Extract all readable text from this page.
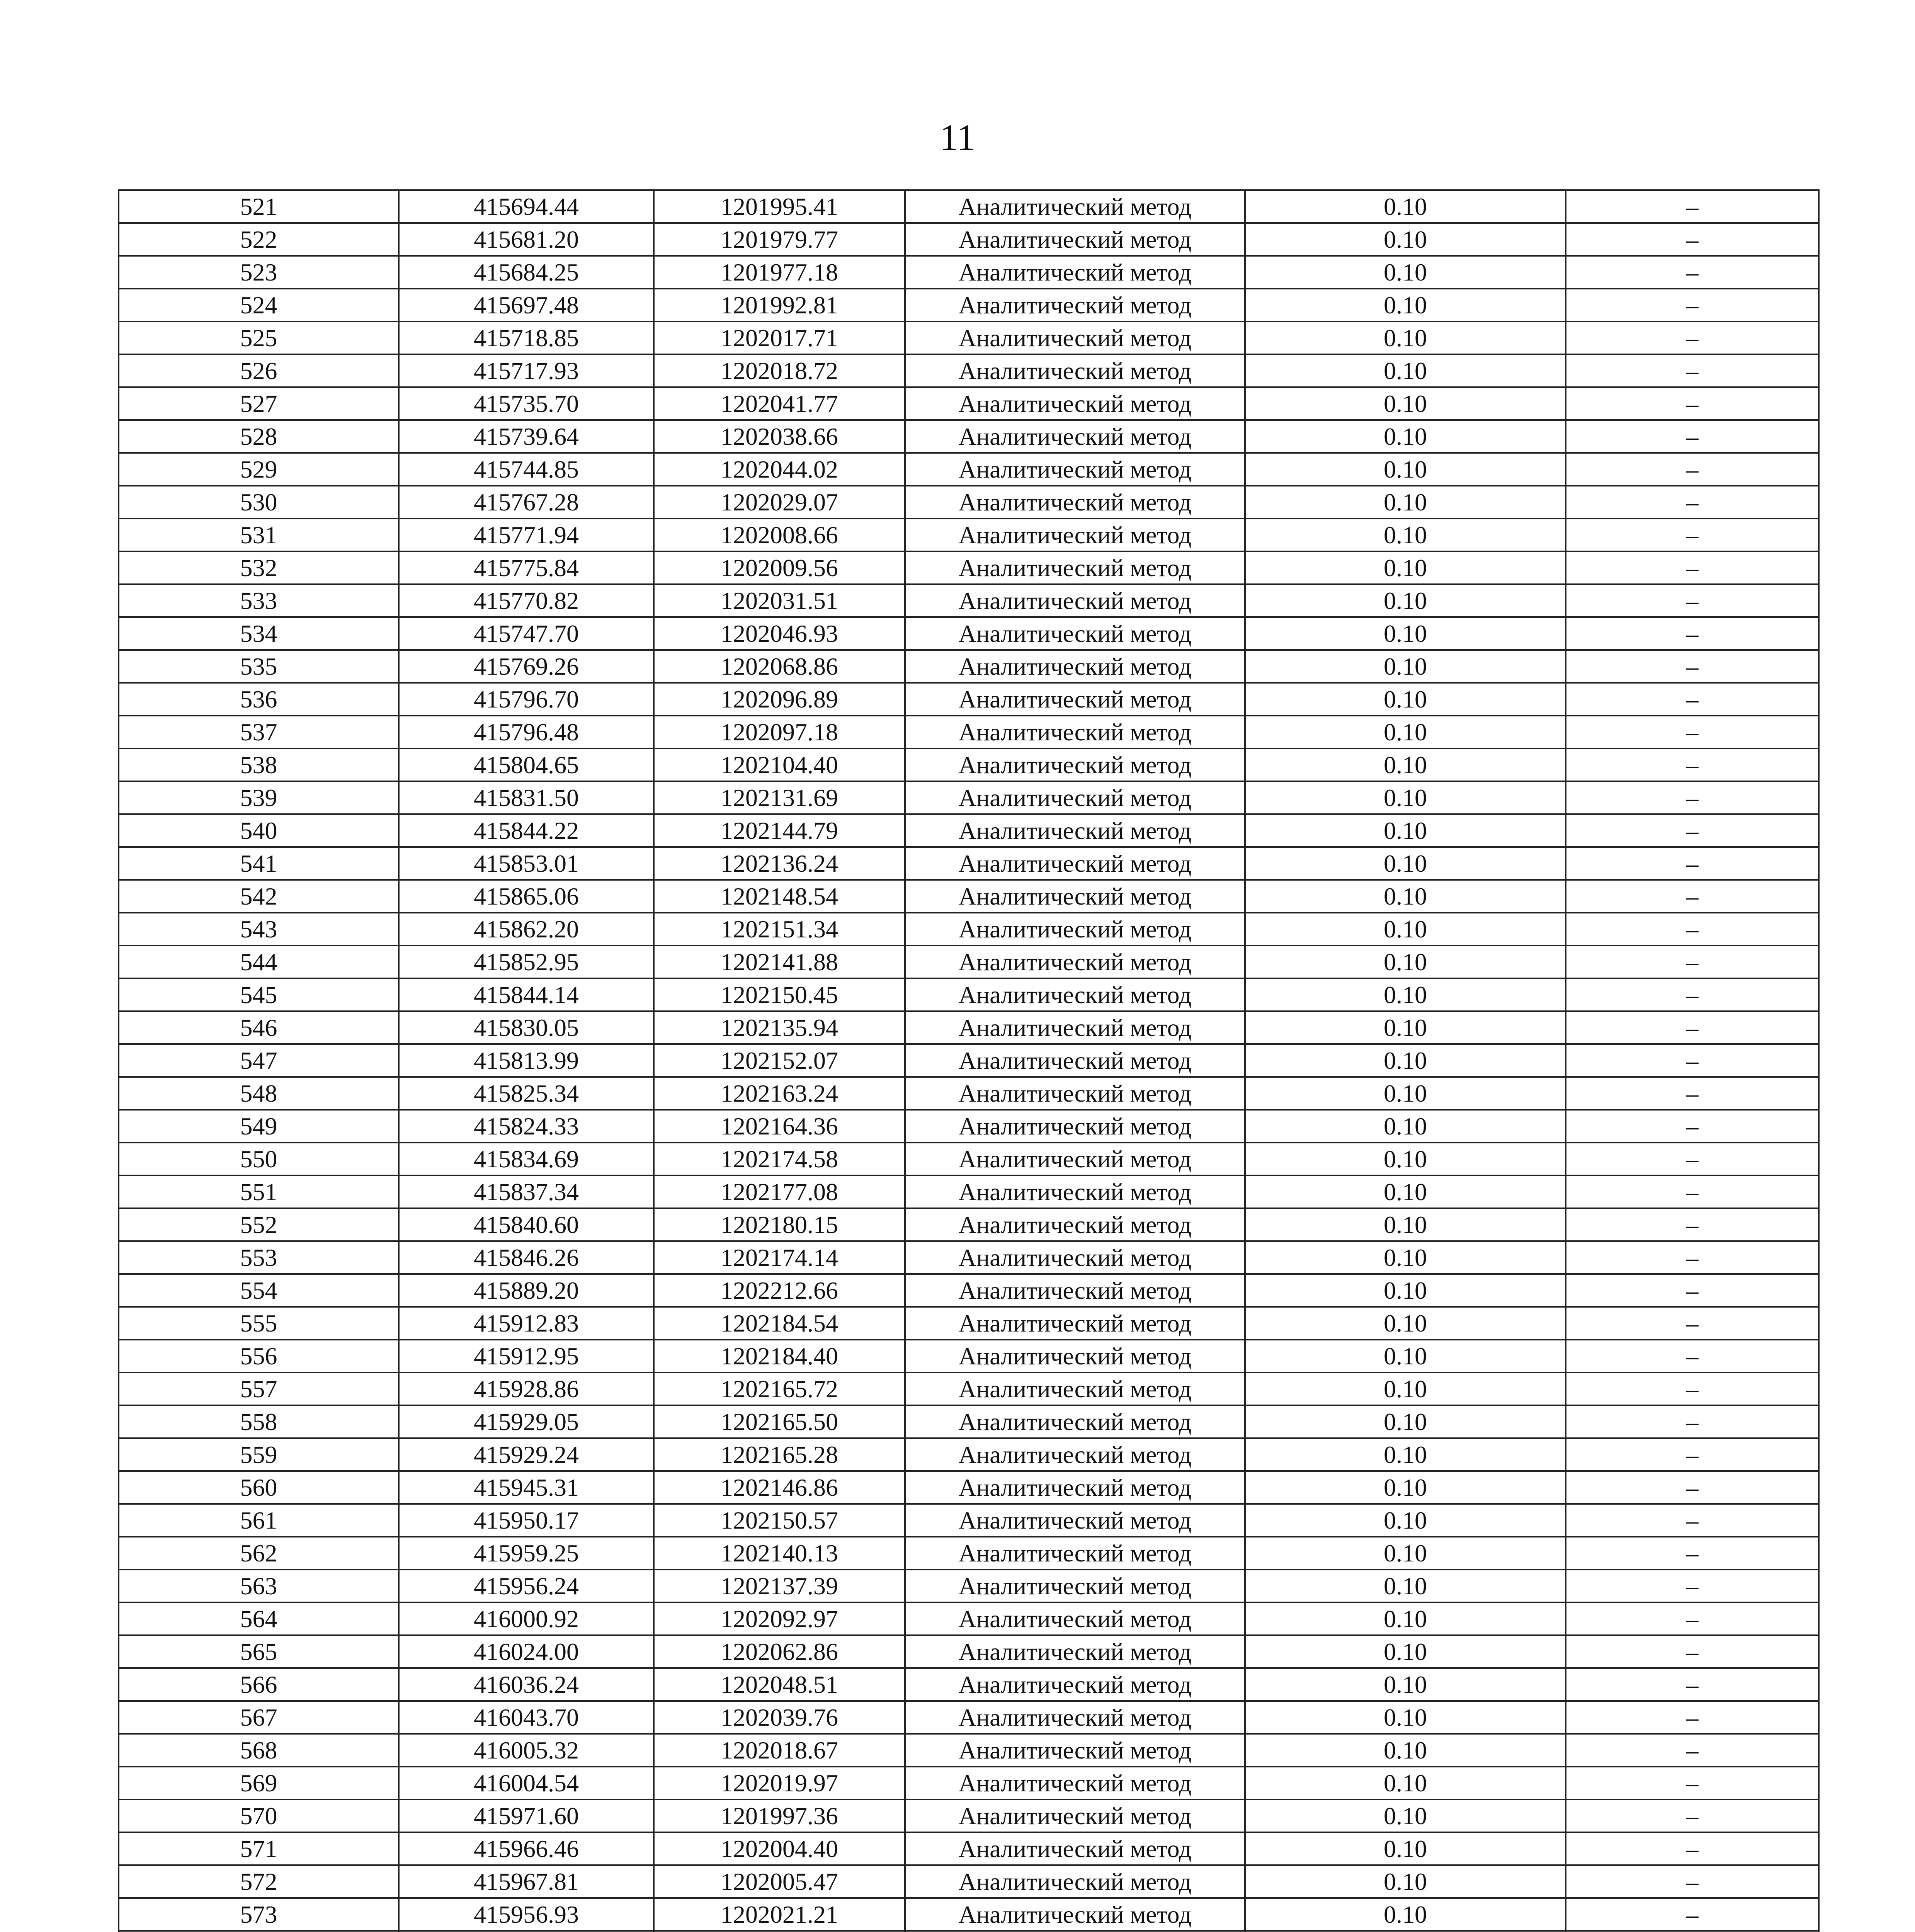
11
521	415694.44	1201995.41	Аналитический метод	0.10	–
522	415681.20	1201979.77	Аналитический метод	0.10	–
523	415684.25	1201977.18	Аналитический метод	0.10	–
524	415697.48	1201992.81	Аналитический метод	0.10	–
525	415718.85	1202017.71	Аналитический метод	0.10	–
526	415717.93	1202018.72	Аналитический метод	0.10	–
527	415735.70	1202041.77	Аналитический метод	0.10	–
528	415739.64	1202038.66	Аналитический метод	0.10	–
529	415744.85	1202044.02	Аналитический метод	0.10	–
530	415767.28	1202029.07	Аналитический метод	0.10	–
531	415771.94	1202008.66	Аналитический метод	0.10	–
532	415775.84	1202009.56	Аналитический метод	0.10	–
533	415770.82	1202031.51	Аналитический метод	0.10	–
534	415747.70	1202046.93	Аналитический метод	0.10	–
535	415769.26	1202068.86	Аналитический метод	0.10	–
536	415796.70	1202096.89	Аналитический метод	0.10	–
537	415796.48	1202097.18	Аналитический метод	0.10	–
538	415804.65	1202104.40	Аналитический метод	0.10	–
539	415831.50	1202131.69	Аналитический метод	0.10	–
540	415844.22	1202144.79	Аналитический метод	0.10	–
541	415853.01	1202136.24	Аналитический метод	0.10	–
542	415865.06	1202148.54	Аналитический метод	0.10	–
543	415862.20	1202151.34	Аналитический метод	0.10	–
544	415852.95	1202141.88	Аналитический метод	0.10	–
545	415844.14	1202150.45	Аналитический метод	0.10	–
546	415830.05	1202135.94	Аналитический метод	0.10	–
547	415813.99	1202152.07	Аналитический метод	0.10	–
548	415825.34	1202163.24	Аналитический метод	0.10	–
549	415824.33	1202164.36	Аналитический метод	0.10	–
550	415834.69	1202174.58	Аналитический метод	0.10	–
551	415837.34	1202177.08	Аналитический метод	0.10	–
552	415840.60	1202180.15	Аналитический метод	0.10	–
553	415846.26	1202174.14	Аналитический метод	0.10	–
554	415889.20	1202212.66	Аналитический метод	0.10	–
555	415912.83	1202184.54	Аналитический метод	0.10	–
556	415912.95	1202184.40	Аналитический метод	0.10	–
557	415928.86	1202165.72	Аналитический метод	0.10	–
558	415929.05	1202165.50	Аналитический метод	0.10	–
559	415929.24	1202165.28	Аналитический метод	0.10	–
560	415945.31	1202146.86	Аналитический метод	0.10	–
561	415950.17	1202150.57	Аналитический метод	0.10	–
562	415959.25	1202140.13	Аналитический метод	0.10	–
563	415956.24	1202137.39	Аналитический метод	0.10	–
564	416000.92	1202092.97	Аналитический метод	0.10	–
565	416024.00	1202062.86	Аналитический метод	0.10	–
566	416036.24	1202048.51	Аналитический метод	0.10	–
567	416043.70	1202039.76	Аналитический метод	0.10	–
568	416005.32	1202018.67	Аналитический метод	0.10	–
569	416004.54	1202019.97	Аналитический метод	0.10	–
570	415971.60	1201997.36	Аналитический метод	0.10	–
571	415966.46	1202004.40	Аналитический метод	0.10	–
572	415967.81	1202005.47	Аналитический метод	0.10	–
573	415956.93	1202021.21	Аналитический метод	0.10	–
